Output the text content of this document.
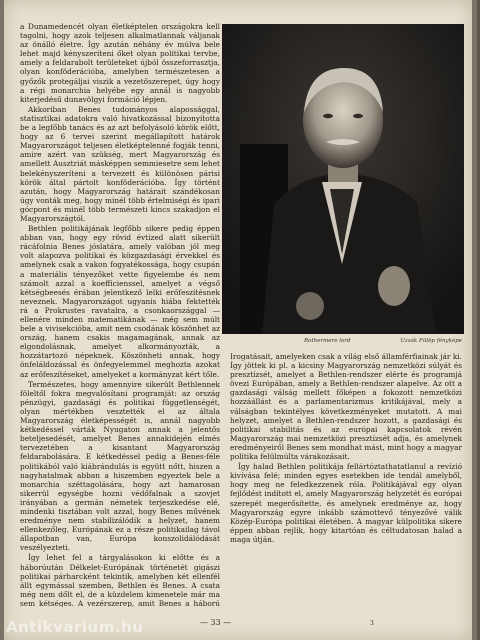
a Dunamedencét olyan életképtelen országokra kell tagolni, hogy azok teljesen alkalmatlannak váljanak az önálló életre. Így azután néhány év múlva bele lehet majd kényszeríteni őket olyan politikai tervbe, amely a feldarabolt területeket újból összeforrasztja, olyan konföderációba, amelyben természetesen a győzők protegáljai viszik a vezetőszerepet, úgy hogy a régi monarchia helyébe egy annál is nagyobb kiterjedésű dunavölgyi formáció lépjen.

Akkoriban Benes tudományos alapossággal, statisztikai adatokra való hivatkozással bizonyította be a legfőbb tanács és az azt befolyásoló körök előtt, hogy az 6 tervei szerint megállapított határok Magyarországot teljesen életképtelenné fogják tenni, amire azért van szükség, mert Magyarország és amellett Ausztriát másképpen semmiesetre sem lehet belekényszeríteni a tervezett és különösen párisi körök által pártolt konföderációba. Így történt azután, hogy Magyarország határait szándékosan úgy vonták meg, hogy minél több értelmiségi és ipari gócpont és minél több természeti kincs szakadjon el Magyarországtól.

Bethlen politikájának legfőbb sikere pedig éppen abban van, hogy egy rövid évtized alatt sikerült rácáfolnia Benes jóslatára, amely valóban jól meg volt alapozva politikai és közgazdasági érvekkel és amelynek csak a vakon fogyatékossága, hogy csupán a materiális tényezőket vette figyelembe és nem számolt azzal a koefficienssel, amelyet a végső kétségbeesés érában jelentkező lelki erőfeszítésnek neveznek. Magyarországot ugyanis hiába fektették rá a Prokrustes ravatalra, a csonkaországgal — ellenére minden matematikának — még sem múlt bele a vivisekcióba, amit nem csodának köszönhet az ország, hanem csakis magamagának, annak az elgondolásnak, amelyet alkormányozták, a hozzátartozó népeknek. Köszönheti annak, hogy önfeláldozással és önfegyelemmel meghozta azokat az erőfeszítéseket, amelyeket a kormányzat kért tőle.

Természetes, hogy amennyire sikerült Bethlennek föleltől fokra megvalósítani programját: az ország pénzügyi, gazdasági és politikai függetlenségét, olyan mértékben vesztették el az általa Magyarország életképességét is, annál nagyobb kétkedéssel várták Nyugaton annak a jelentős beteljesedését, amelyet Benes annakidején elmés tervezetében a kisantant Magyarország feldarabolására. E kétkedéssel pedig a Benes-féle politikából való kiábrándulás is együtt nőtt, hiszen a nagyhatalmak abban a hiszemben egyeztek bele a monarchia széttagolására, hogy azt hamarosan sikerrül egységbe hozni védőfalnak a szovjet irányában a germán németek terjeszkedése elé, mindenki tisztában volt azzal, hogy Benes művének eredménye nem stabilizálódik a helyzet, hanem ellenkezőleg, Európának ez a része politikailag távol állapotban van, Európa konszolidálódását veszélyezteti.

Így lehet fel a tárgyalásokon ki előtte és a háborúután Délkelet-Európának történetét gigászi politikai párharcként tekintik, amelyben két ellenfél állt egymással szemben, Bethlen és Benes. A csata még nem dőlt el, de a küzdelem kimenetele már ma sem kétséges. A vezérszerep, amit Benes a háború

Rothermere lord	Uzsák Fülöp fényképe

Irogatásait, amelyeken csak a világ első államférfiainak jár ki. Így jöttek ki pl. a kicsiny Magyarország nemzetközi súlyát és presztízsét, amelyet a Bethlen-rendszer elérte és programjá övezi Európában, amely a Bethlen-rendszer alapelve. Az ott a gazdasági válság mellett főképen a fokozott nemzetközi hozzáállást és a parlamentarizmus kritikájával, mely a válságban tekintélyes következményeket mutatott. A mai helyzet, amelyet a Bethlen-rendszer hozott, a gazdasági és politikai stabilitás és az európai kapcsolatok révén Magyarország mai nemzetközi presztízsét adja, és amelynek eredményeiről Benes sem mondhat mást, mint hogy a magyar politika felülmúlta várakozásait.

Így halad Bethlen politikája fellártóztathatatlanul a revízió kivívása felé; minden egyes esetekben ide tendál amelyből, hogy meg ne feledkezzenek róla. Politikájával egy olyan fejlődést indított el, amely Magyarország helyzetét és európai szerepét megerősítette, és amelynek eredménye az, hogy Magyarország egyre inkább számottevő tényezővé válik Közép-Európa politikai életében. A magyar külpolitika sikere éppen abban rejlik, hogy kitartóan és céltudatosan halad a maga útján.

— 33 —	3
Antikvarium.hu
